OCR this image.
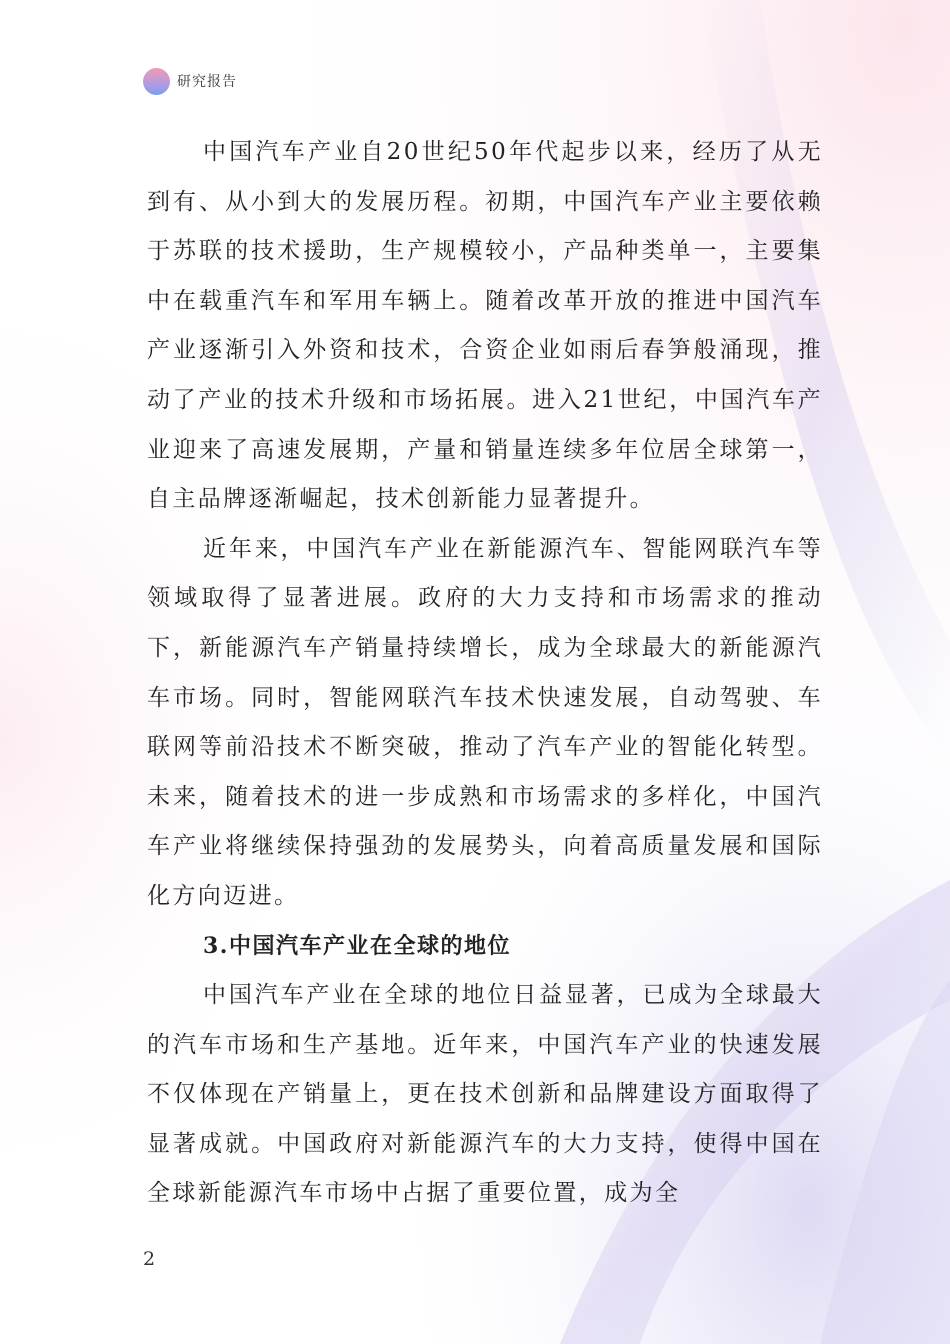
研究报告

中国汽车产业自20世纪50年代起步以来，经历了从无到有、从小到大的发展历程。初期，中国汽车产业主要依赖于苏联的技术援助，生产规模较小，产品种类单一，主要集中在载重汽车和军用车辆上。随着改革开放的推进中国汽车产业逐渐引入外资和技术，合资企业如雨后春笋般涌现，推动了产业的技术升级和市场拓展。进入21世纪，中国汽车产业迎来了高速发展期，产量和销量连续多年位居全球第一，自主品牌逐渐崛起，技术创新能力显著提升。

近年来，中国汽车产业在新能源汽车、智能网联汽车等领域取得了显著进展。政府的大力支持和市场需求的推动下，新能源汽车产销量持续增长，成为全球最大的新能源汽车市场。同时，智能网联汽车技术快速发展，自动驾驶、车联网等前沿技术不断突破，推动了汽车产业的智能化转型。未来，随着技术的进一步成熟和市场需求的多样化，中国汽车产业将继续保持强劲的发展势头，向着高质量发展和国际化方向迈进。

3.中国汽车产业在全球的地位

中国汽车产业在全球的地位日益显著，已成为全球最大的汽车市场和生产基地。近年来，中国汽车产业的快速发展不仅体现在产销量上，更在技术创新和品牌建设方面取得了显著成就。中国政府对新能源汽车的大力支持，使得中国在全球新能源汽车市场中占据了重要位置，成为全

2
